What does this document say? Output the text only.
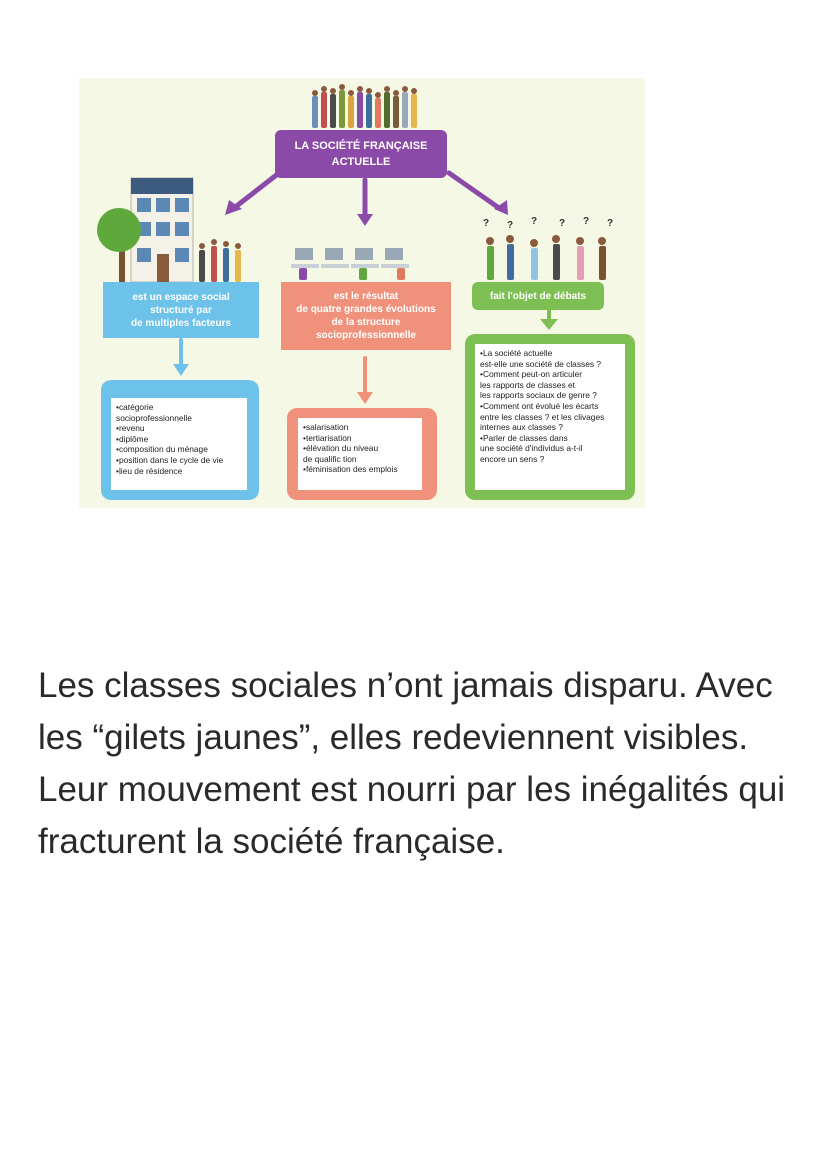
? ? ? ? ? ?
LA SOCIÉTÉ FRANÇAISE
ACTUELLE
est un espace social
structuré par
de multiples facteurs
est le résultat
de quatre grandes évolutions
de la structure
socioprofessionnelle
fait l'objet de débats
•catégorie
socioprofessionnelle
•revenu
•diplôme
•composition du ménage
•position dans le cycle de vie
•lieu de résidence
•salarisation
•tertiarisation
•élévation du niveau
de qualific tion
•féminisation des emplois
•La société actuelle
est-elle une société de classes ?
•Comment peut-on articuler
les rapports de classes et
les rapports sociaux de genre ?
•Comment ont évolué les écarts
entre les classes ? et les clivages
internes aux classes ?
•Parler de classes dans
une société d'individus a-t-il
encore un sens ?

Les classes sociales n’ont jamais disparu. Avec les “gilets jaunes”, elles redeviennent visibles. Leur mouvement est nourri par les inégalités qui fracturent la société française.
